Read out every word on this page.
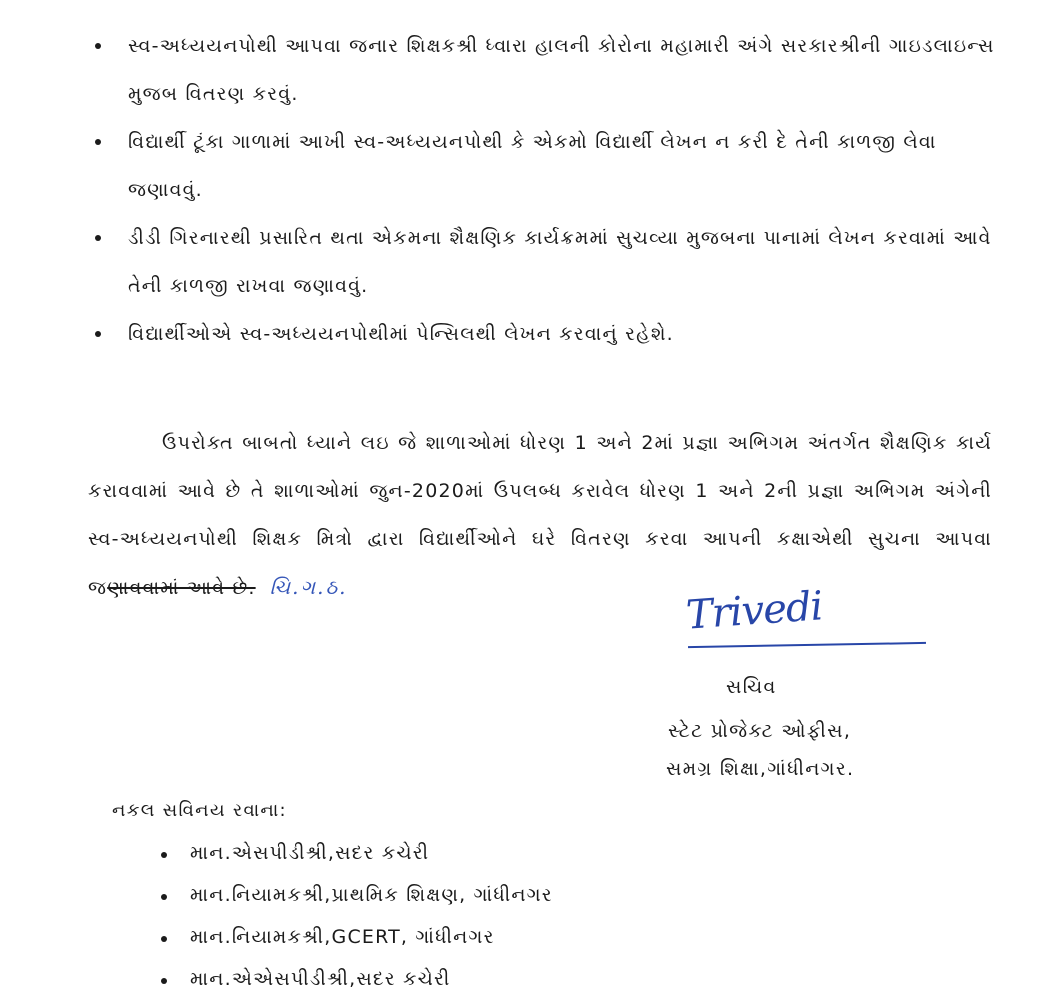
સ્વ-અધ્યયનપોથી આપવા જનાર શિક્ષકશ્રી ધ્વારા હાલની કોરોના મહામારી અંગે સરકારશ્રીની ગાઇડલાઇન્સ મુજબ વિતરણ કરવું.
વિદ્યાર્થી ટૂંકા ગાળામાં આખી સ્વ-અધ્યયનપોથી કે એકમો વિદ્યાર્થી લેખન ન કરી દે તેની કાળજી લેવા જણાવવું.
ડીડી ગિરનારથી પ્રસારિત થતા એકમના શૈક્ષણિક કાર્યક્રમમાં સુચવ્યા મુજબના પાનામાં લેખન કરવામાં આવે તેની કાળજી રાખવા જણાવવું.
વિદ્યાર્થીઓએ સ્વ-અધ્યયનપોથીમાં પેન્સિલથી લેખન કરવાનું રહેશે.

ઉપરોક્ત બાબતો ધ્યાને લઇ જે શાળાઓમાં ધોરણ 1 અને 2માં પ્રજ્ઞા અભિગમ અંતર્ગત શૈક્ષણિક કાર્ય કરાવવામાં આવે છે તે શાળાઓમાં જુન-2020માં ઉપલબ્ધ કરાવેલ ધોરણ 1 અને 2ની પ્રજ્ઞા અભિગમ અંગેની સ્વ-અધ્યયનપોથી શિક્ષક મિત્રો દ્વારા વિદ્યાર્થીઓને ઘરે વિતરણ કરવા આપની કક્ષાએથી સુચના આપવા જણાવવામાં આવે છે. ચિ.ગ.ઠ.	Trivedi
સચિવ
સ્ટેટ પ્રોજેક્ટ ઓફીસ,
સમગ્ર શિક્ષા,ગાંધીનગર.
નકલ સવિનય રવાના:
માન.એસપીડીશ્રી,સદર કચેરી
માન.નિયામકશ્રી,પ્રાથમિક શિક્ષણ, ગાંધીનગર
માન.નિયામકશ્રી,GCERT, ગાંધીનગર
માન.એએસપીડીશ્રી,સદર કચેરી
